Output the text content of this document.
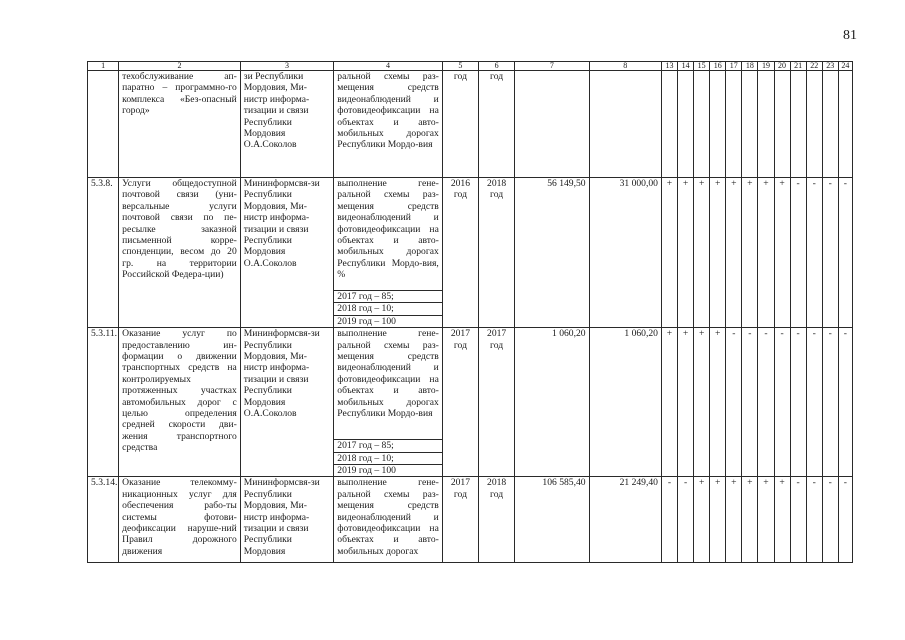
81
1	2	3	4	5	6	7	8	13	14	15	16	17	18	19	20	21	22	23	24
	техобслуживание ап-паратно – программно-го комплекса «Без-опасный город»	зи Республики Мордовия, Ми-нистр информа-тизации и связи Республики Мордовия О.А.Соколов	ральной схемы раз-мещения средств видеонаблюдений и фотовидеофиксации на объектах и авто-мобильных дорогах Республики Мордо-вия	год	год														
5.3.8.	Услуги общедоступной почтовой связи (уни-версальные услуги почтовой связи по пе-ресылке заказной письменной корре-спонденции, весом до 20 гр. на территории Российской Федера-ции)	Мининформсвя-зи Республики Мордовия, Ми-нистр информа-тизации и связи Республики Мордовия О.А.Соколов	выполнение гене-ральной схемы раз-мещения средств видеонаблюдений и фотовидеофиксации на объектах и авто-мобильных дорогах Республики Мордо-вия, %	2016 год	2018 год	56 149,50	31 000,00	+	+	+	+	+	+	+	+	-	-	-	-
			2017 год – 85;																
			2018 год – 10;																
			2019 год – 100																
5.3.11.	Оказание услуг по предоставлению ин-формации о движении транспортных средств на контролируемых протяженных участках автомобильных дорог с целью определения средней скорости дви-жения транспортного средства	Мининформсвя-зи Республики Мордовия, Ми-нистр информа-тизации и связи Республики Мордовия О.А.Соколов	выполнение гене-ральной схемы раз-мещения средств видеонаблюдений и фотовидеофиксации на объектах и авто-мобильных дорогах Республики Мордо-вия	2017 год	2017 год	1 060,20	1 060,20	+	+	+	+	-	-	-	-	-	-	-	-
			2017 год – 85;																
			2018 год – 10;																
			2019 год – 100																
5.3.14.	Оказание телекомму-никационных услуг для обеспечения рабо-ты системы фотови-деофиксации наруше-ний Правил дорожного движения	Мининформсвя-зи Республики Мордовия, Ми-нистр информа-тизации и связи Республики Мордовия	выполнение гене-ральной схемы раз-мещения средств видеонаблюдений и фотовидеофиксации на объектах и авто-мобильных дорогах	2017 год	2018 год	106 585,40	21 249,40	-	-	+	+	+	+	+	+	-	-	-	-
